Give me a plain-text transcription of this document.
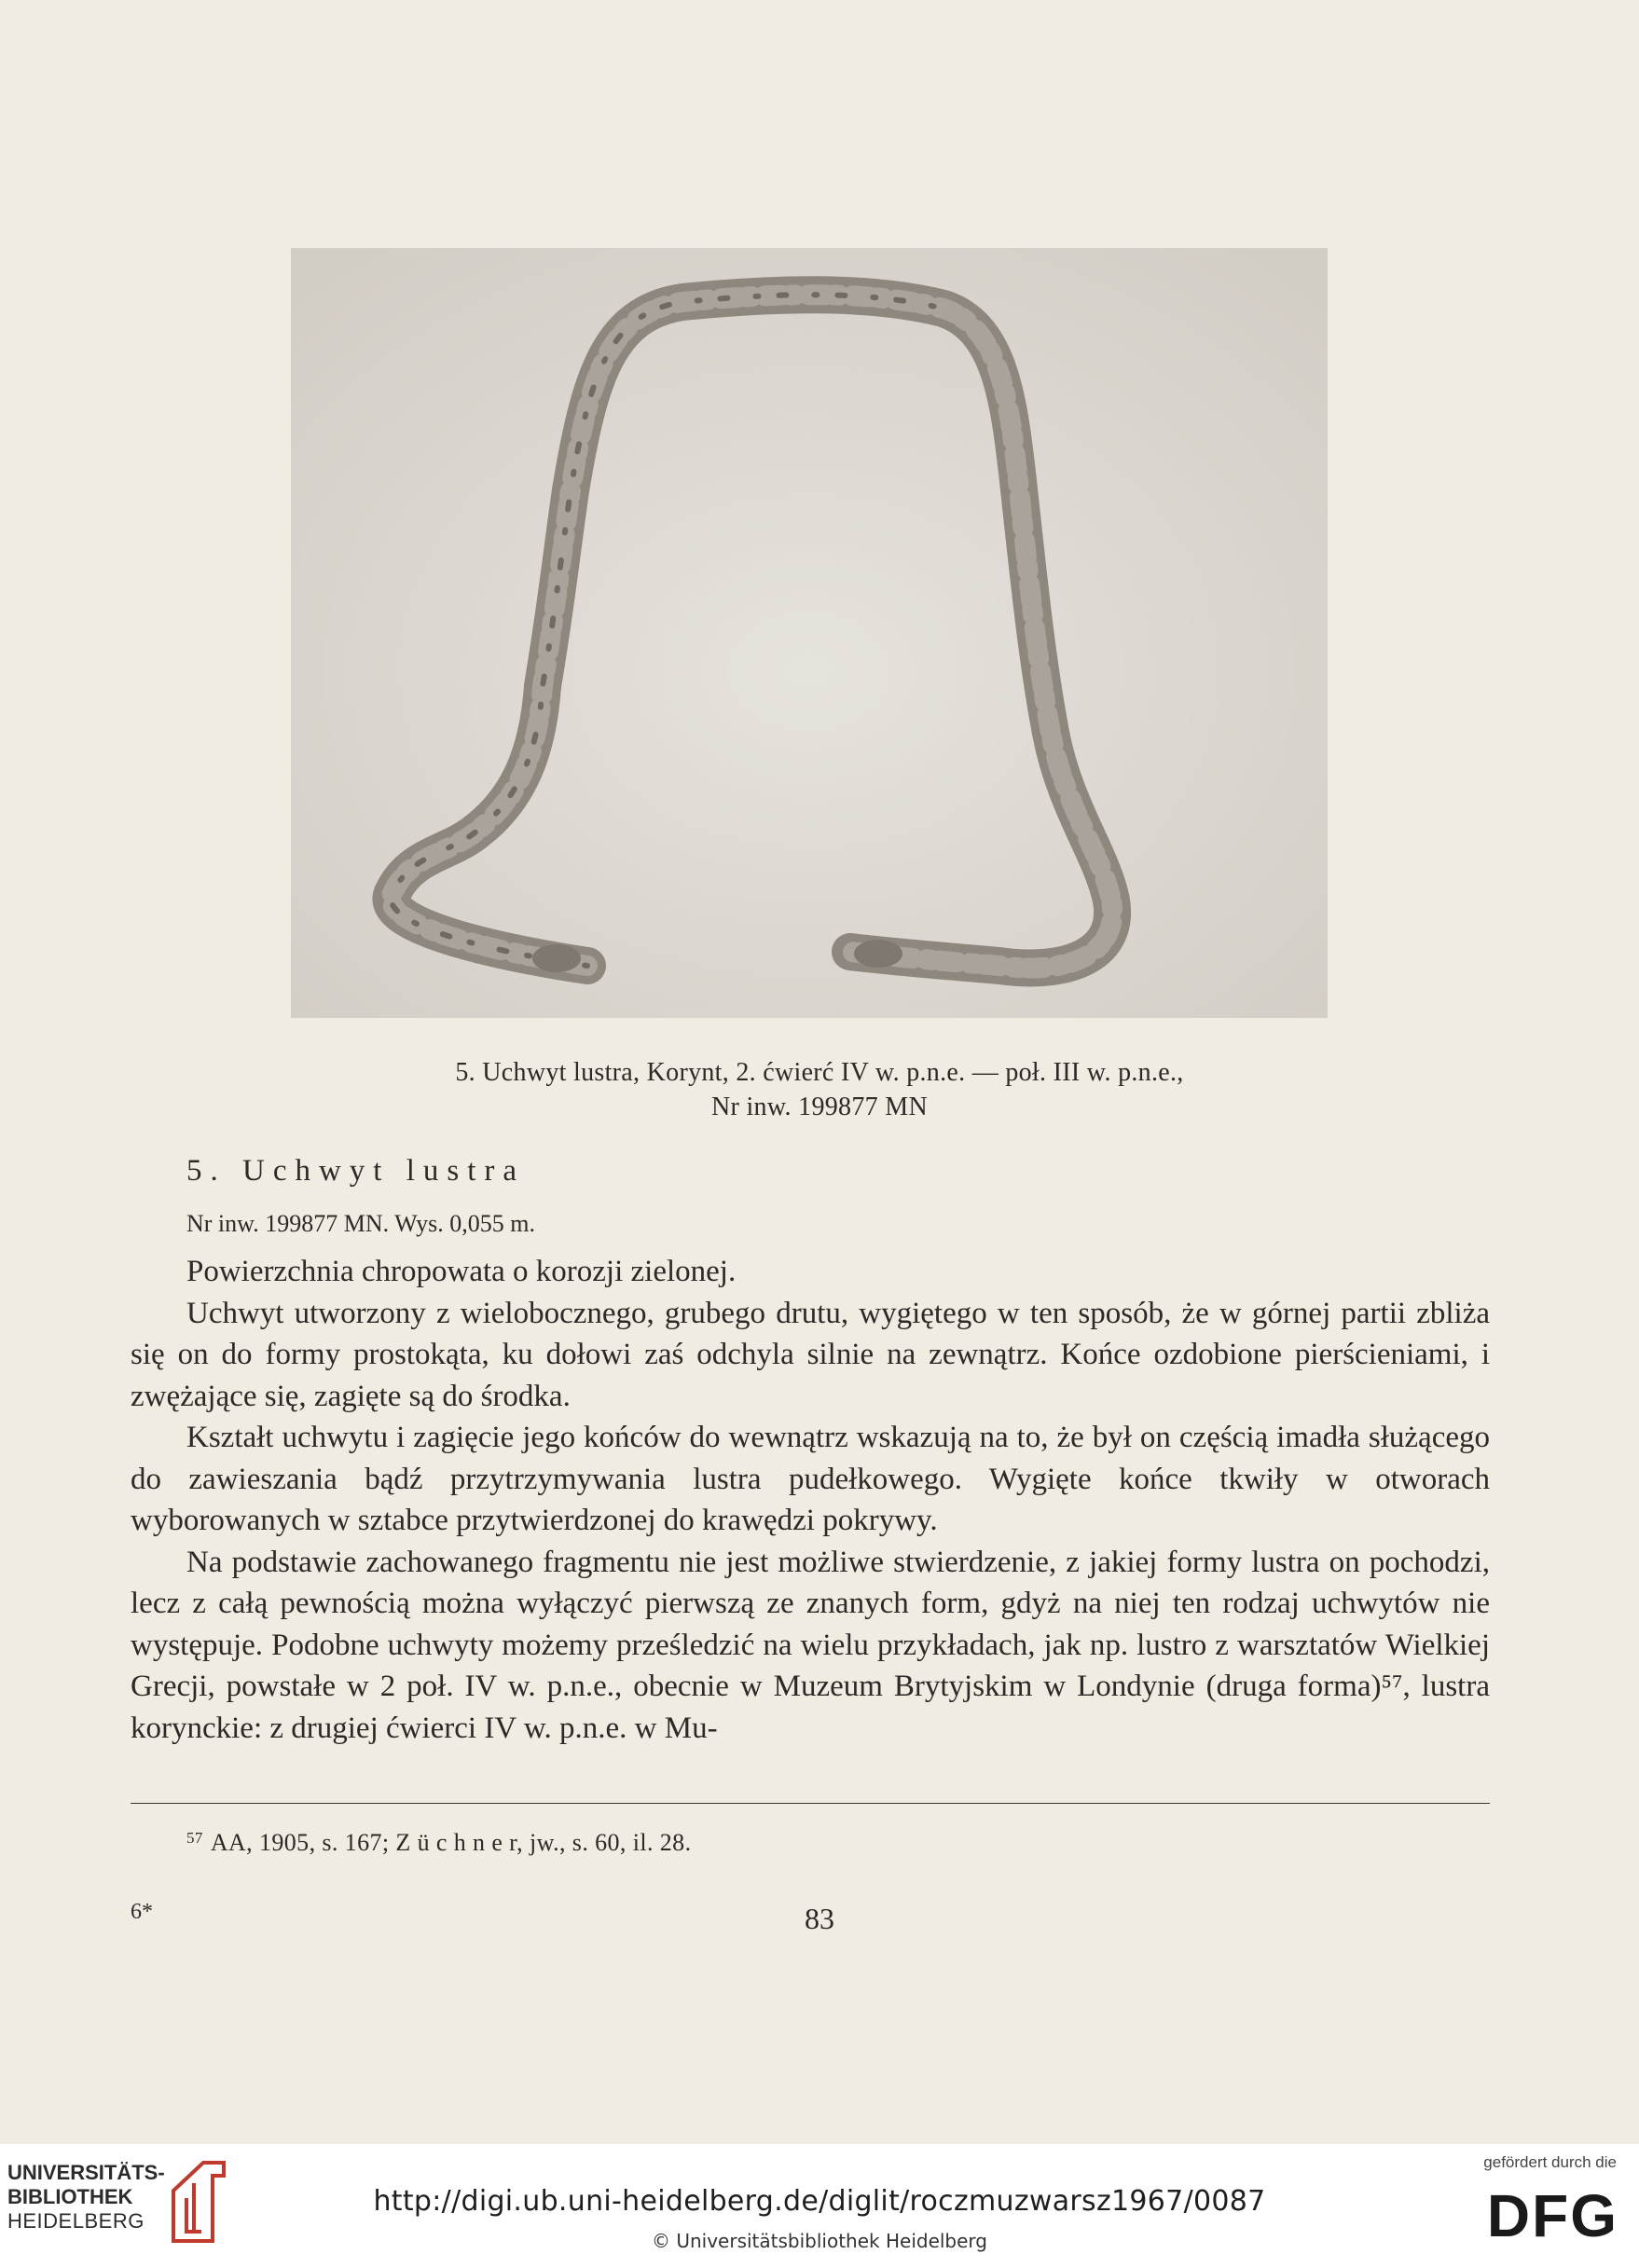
5. Uchwyt lustra, Korynt, 2. ćwierć IV w. p.n.e. — poł. III w. p.n.e.,
Nr inw. 199877 MN
5. Uchwyt lustra
Nr inw. 199877 MN. Wys. 0,055 m.

Powierzchnia chropowata o korozji zielonej.

Uchwyt utworzony z wielobocznego, grubego drutu, wygiętego w ten sposób, że w górnej partii zbliża się on do formy prostokąta, ku dołowi zaś odchyla silnie na zewnątrz. Końce ozdobione pierścieniami, i zwężające się, zagięte są do środka.

Kształt uchwytu i zagięcie jego końców do wewnątrz wskazują na to, że był on częścią imadła służącego do zawieszania bądź przytrzymywania lustra pudełkowego. Wygięte końce tkwiły w otworach wyborowanych w sztabce przytwierdzonej do krawędzi pokrywy.

Na podstawie zachowanego fragmentu nie jest możliwe stwierdzenie, z jakiej formy lustra on pochodzi, lecz z całą pewnością można wyłączyć pierwszą ze znanych form, gdyż na niej ten rodzaj uchwytów nie występuje. Podobne uchwyty możemy prześledzić na wielu przykładach, jak np. lustro z warsztatów Wielkiej Grecji, powstałe w 2 poł. IV w. p.n.e., obecnie w Muzeum Brytyjskim w Londynie (druga forma)⁵⁷, lustra korynckie: z drugiej ćwierci IV w. p.n.e. w Mu-

$^{57}$ AA, 1905, s. 167; Z ü c h n e r, jw., s. 60, il. 28.
6*	83
UNIVERSITÄTS-
BIBLIOTHEK
HEIDELBERG
http://digi.ub.uni-heidelberg.de/diglit/roczmuzwarsz1967/0087
© Universitätsbibliothek Heidelberg
gefördert durch die
DFG
